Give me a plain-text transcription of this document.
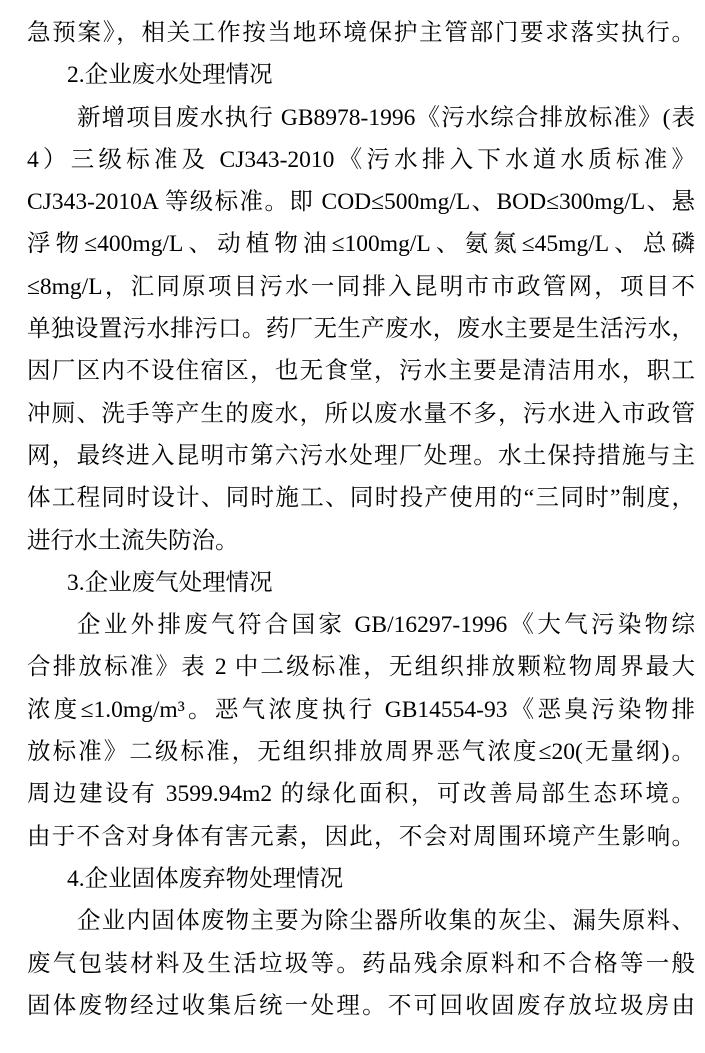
急预案》，相关工作按当地环境保护主管部门要求落实执行。
2.企业废水处理情况
新增项目废水执行 GB8978-1996《污水综合排放标准》(表
4）三级标准及 CJ343-2010《污水排入下水道水质标准》
CJ343-2010A 等级标准。即 COD≤500mg/L、BOD≤300mg/L、悬
浮物≤400mg/L、动植物油≤100mg/L、氨氮≤45mg/L、总磷
≤8mg/L，汇同原项目污水一同排入昆明市市政管网，项目不
单独设置污水排污口。药厂无生产废水，废水主要是生活污水，
因厂区内不设住宿区，也无食堂，污水主要是清洁用水，职工
冲厕、洗手等产生的废水，所以废水量不多，污水进入市政管
网，最终进入昆明市第六污水处理厂处理。水土保持措施与主
体工程同时设计、同时施工、同时投产使用的“三同时”制度，
进行水土流失防治。
3.企业废气处理情况
企业外排废气符合国家 GB/16297-1996《大气污染物综
合排放标准》表 2 中二级标准，无组织排放颗粒物周界最大
浓度≤1.0mg/m³。恶气浓度执行 GB14554-93《恶臭污染物排
放标准》二级标准，无组织排放周界恶气浓度≤20(无量纲)。
周边建设有 3599.94m2 的绿化面积，可改善局部生态环境。
由于不含对身体有害元素，因此，不会对周围环境产生影响。
4.企业固体废弃物处理情况
企业内固体废物主要为除尘器所收集的灰尘、漏失原料、
废气包装材料及生活垃圾等。药品残余原料和不合格等一般
固体废物经过收集后统一处理。不可回收固废存放垃圾房由
